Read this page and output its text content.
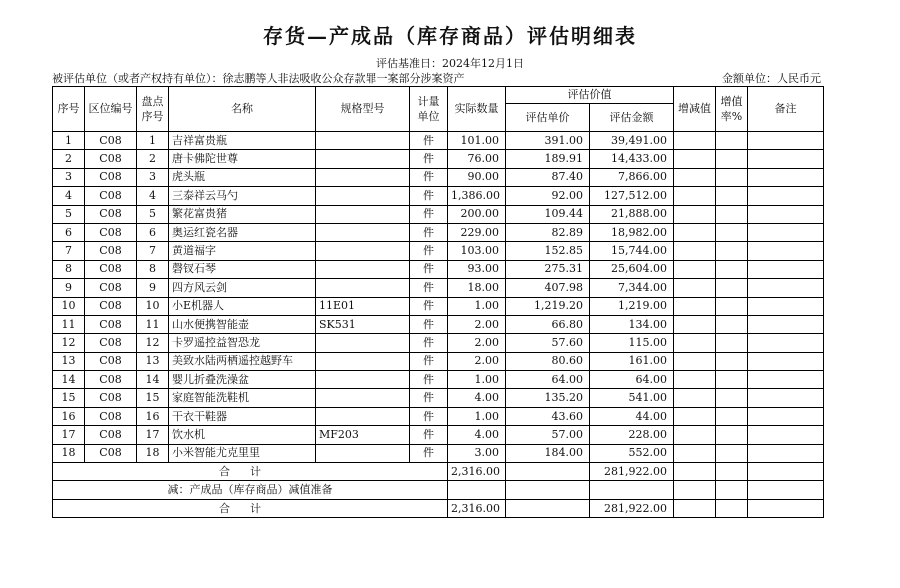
存货—产成品（库存商品）评估明细表
评估基准日：2024年12月1日
被评估单位（或者产权持有单位）：徐志鹏等人非法吸收公众存款罪一案部分涉案资产	金额单位：人民币元
序号	区位编号	盘点序号	名称	规格型号	计量单位	实际数量	评估价值		增减值	增值率%	备注
							评估单价	评估金额			
1	C08	1	吉祥富贵瓶		件	101.00	391.00	39,491.00			
2	C08	2	唐卡佛陀世尊		件	76.00	189.91	14,433.00			
3	C08	3	虎头瓶		件	90.00	87.40	7,866.00			
4	C08	4	三泰祥云马勺		件	1,386.00	92.00	127,512.00			
5	C08	5	繁花富贵猪		件	200.00	109.44	21,888.00			
6	C08	6	奥运红瓷名器		件	229.00	82.89	18,982.00			
7	C08	7	黄道福字		件	103.00	152.85	15,744.00			
8	C08	8	磬钗石琴		件	93.00	275.31	25,604.00			
9	C08	9	四方风云剑		件	18.00	407.98	7,344.00			
10	C08	10	小E机器人	11E01	件	1.00	1,219.20	1,219.00			
11	C08	11	山水便携智能壶	SK531	件	2.00	66.80	134.00			
12	C08	12	卡罗遥控益智恐龙		件	2.00	57.60	115.00			
13	C08	13	美致水陆两栖遥控越野车		件	2.00	80.60	161.00			
14	C08	14	婴儿折叠洗澡盆		件	1.00	64.00	64.00			
15	C08	15	家庭智能洗鞋机		件	4.00	135.20	541.00			
16	C08	16	干衣干鞋器		件	1.00	43.60	44.00			
17	C08	17	饮水机	MF203	件	4.00	57.00	228.00			
18	C08	18	小米智能尤克里里		件	3.00	184.00	552.00			
合计						2,316.00		281,922.00			
减：产成品（库存商品）减值准备											
合计						2,316.00		281,922.00			
